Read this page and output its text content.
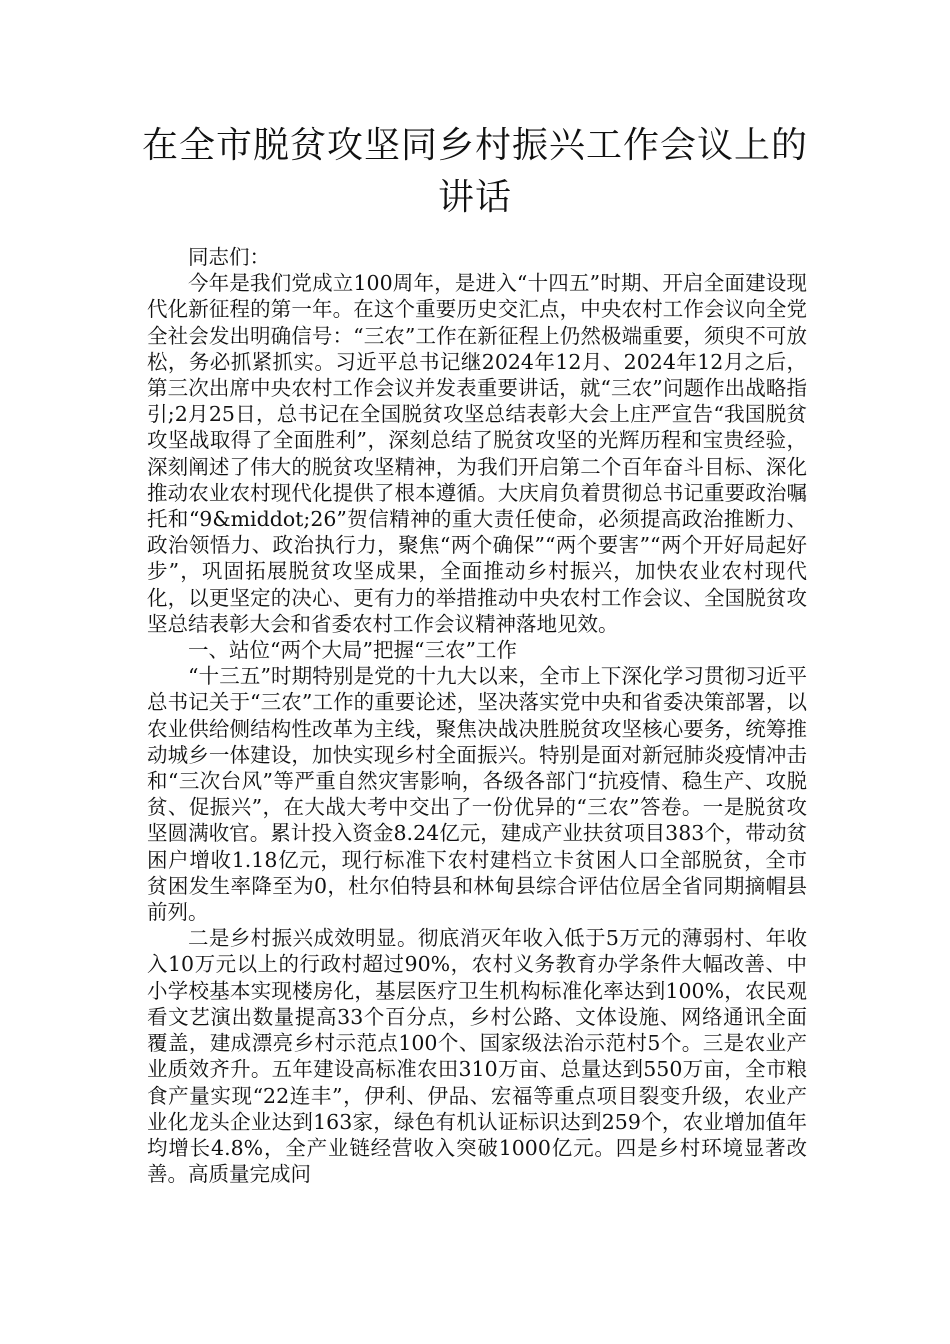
在全市脱贫攻坚同乡村振兴工作会议上的
讲话

同志们：

今年是我们党成立100周年，是进入“十四五”时期、开启全面建设现代化新征程的第一年。在这个重要历史交汇点，中央农村工作会议向全党全社会发出明确信号：“三农”工作在新征程上仍然极端重要，须臾不可放松，务必抓紧抓实。习近平总书记继2024年12月、2024年12月之后，第三次出席中央农村工作会议并发表重要讲话，就“三农”问题作出战略指引;2月25日，总书记在全国脱贫攻坚总结表彰大会上庄严宣告“我国脱贫攻坚战取得了全面胜利”，深刻总结了脱贫攻坚的光辉历程和宝贵经验，深刻阐述了伟大的脱贫攻坚精神，为我们开启第二个百年奋斗目标、深化推动农业农村现代化提供了根本遵循。大庆肩负着贯彻总书记重要政治嘱托和“9&middot;26”贺信精神的重大责任使命，必须提高政治推断力、政治领悟力、政治执行力，聚焦“两个确保”“两个要害”“两个开好局起好步”，巩固拓展脱贫攻坚成果，全面推动乡村振兴，加快农业农村现代化，以更坚定的决心、更有力的举措推动中央农村工作会议、全国脱贫攻坚总结表彰大会和省委农村工作会议精神落地见效。

一、站位“两个大局”把握“三农”工作

“十三五”时期特别是党的十九大以来，全市上下深化学习贯彻习近平总书记关于“三农”工作的重要论述，坚决落实党中央和省委决策部署，以农业供给侧结构性改革为主线，聚焦决战决胜脱贫攻坚核心要务，统筹推动城乡一体建设，加快实现乡村全面振兴。特别是面对新冠肺炎疫情冲击和“三次台风”等严重自然灾害影响，各级各部门“抗疫情、稳生产、攻脱贫、促振兴”，在大战大考中交出了一份优异的“三农”答卷。一是脱贫攻坚圆满收官。累计投入资金8.24亿元，建成产业扶贫项目383个，带动贫困户增收1.18亿元，现行标准下农村建档立卡贫困人口全部脱贫，全市贫困发生率降至为0，杜尔伯特县和林甸县综合评估位居全省同期摘帽县前列。

二是乡村振兴成效明显。彻底消灭年收入低于5万元的薄弱村、年收入10万元以上的行政村超过90%，农村义务教育办学条件大幅改善、中小学校基本实现楼房化，基层医疗卫生机构标准化率达到100%，农民观看文艺演出数量提高33个百分点，乡村公路、文体设施、网络通讯全面覆盖，建成漂亮乡村示范点100个、国家级法治示范村5个。三是农业产业质效齐升。五年建设高标准农田310万亩、总量达到550万亩，全市粮食产量实现“22连丰”，伊利、伊品、宏福等重点项目裂变升级，农业产业化龙头企业达到163家，绿色有机认证标识达到259个，农业增加值年均增长4.8%，全产业链经营收入突破1000亿元。四是乡村环境显著改善。高质量完成问
